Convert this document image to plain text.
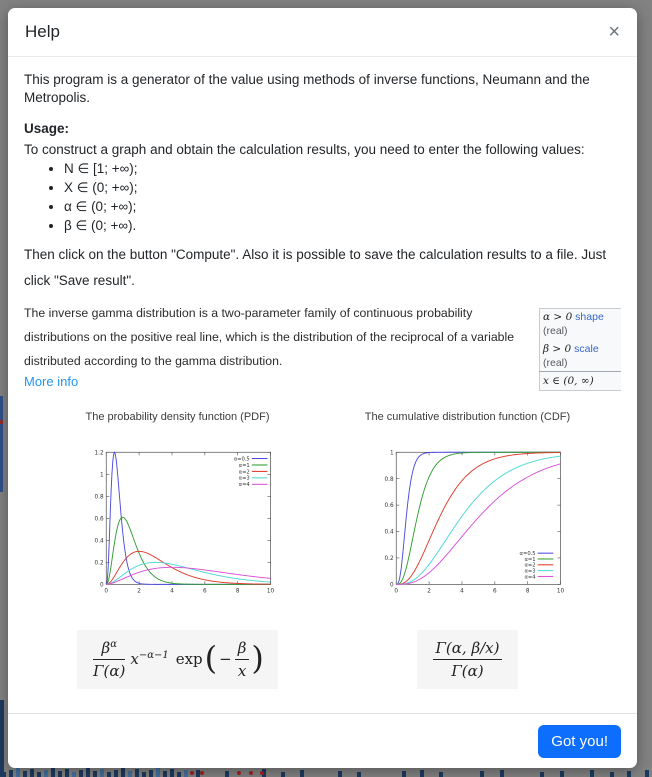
Help	×

This program is a generator of the value using methods of inverse functions, Neumann and the Metropolis.

Usage:

To construct a graph and obtain the calculation results, you need to enter the following values:

• N ∈ [1; +∞);
• X ∈ (0; +∞);
• α ∈ (0; +∞);
• β ∈ (0; +∞).

Then click on the button "Compute". Also it is possible to save the calculation results to a file. Just click "Save result".

α > 0 shape (real)
β > 0 scale (real)
x ∈ (0, ∞)

The inverse gamma distribution is a two-parameter family of continuous probability distributions on the positive real line, which is the distribution of the reciprocal of a variable distributed according to the gamma distribution.

More info
The probability density function (PDF)
0	2	4	6	8	10
0
0.2
0.4
0.6
0.8
1
1.2
α=0.5
α=1
α=2
α=3
α=4
The cumulative distribution function (CDF)
0	2	4	6	8	10
0
0.2
0.4
0.6
0.8
1
α=0.5
α=1
α=2
α=3
α=4
$\frac{\beta^\alpha}{\Gamma(\alpha)} x^{-\alpha-1}$ exp ( − $\frac{\beta}{x}$ )	$\frac{\Gamma(\alpha, \beta/x)}{\Gamma(\alpha)}$
Got you!
